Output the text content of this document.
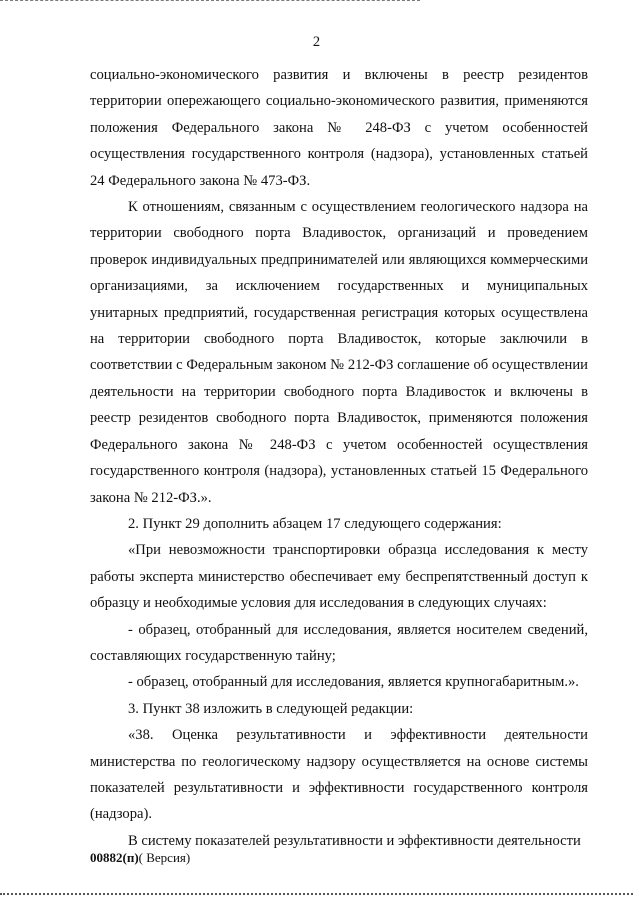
2

социально-экономического развития и включены в реестр резидентов территории опережающего социально-экономического развития, применяются положения Федерального закона № 248-ФЗ с учетом особенностей осуществления государственного контроля (надзора), установленных статьей 24 Федерального закона № 473-ФЗ.

К отношениям, связанным с осуществлением геологического надзора на территории свободного порта Владивосток, организаций и проведением проверок индивидуальных предпринимателей или являющихся коммерческими организациями, за исключением государственных и муниципальных унитарных предприятий, государственная регистрация которых осуществлена на территории свободного порта Владивосток, которые заключили в соответствии с Федеральным законом № 212-ФЗ соглашение об осуществлении деятельности на территории свободного порта Владивосток и включены в реестр резидентов свободного порта Владивосток, применяются положения Федерального закона № 248-ФЗ с учетом особенностей осуществления государственного контроля (надзора), установленных статьей 15 Федерального закона № 212-ФЗ.».

2. Пункт 29 дополнить абзацем 17 следующего содержания:

«При невозможности транспортировки образца исследования к месту работы эксперта министерство обеспечивает ему беспрепятственный доступ к образцу и необходимые условия для исследования в следующих случаях:

- образец, отобранный для исследования, является носителем сведений, составляющих государственную тайну;

- образец, отобранный для исследования, является крупногабаритным.».

3. Пункт 38 изложить в следующей редакции:

«38. Оценка результативности и эффективности деятельности министерства по геологическому надзору осуществляется на основе системы показателей результативности и эффективности государственного контроля (надзора).

В систему показателей результативности и эффективности деятельности

00882(п)( Версия)
